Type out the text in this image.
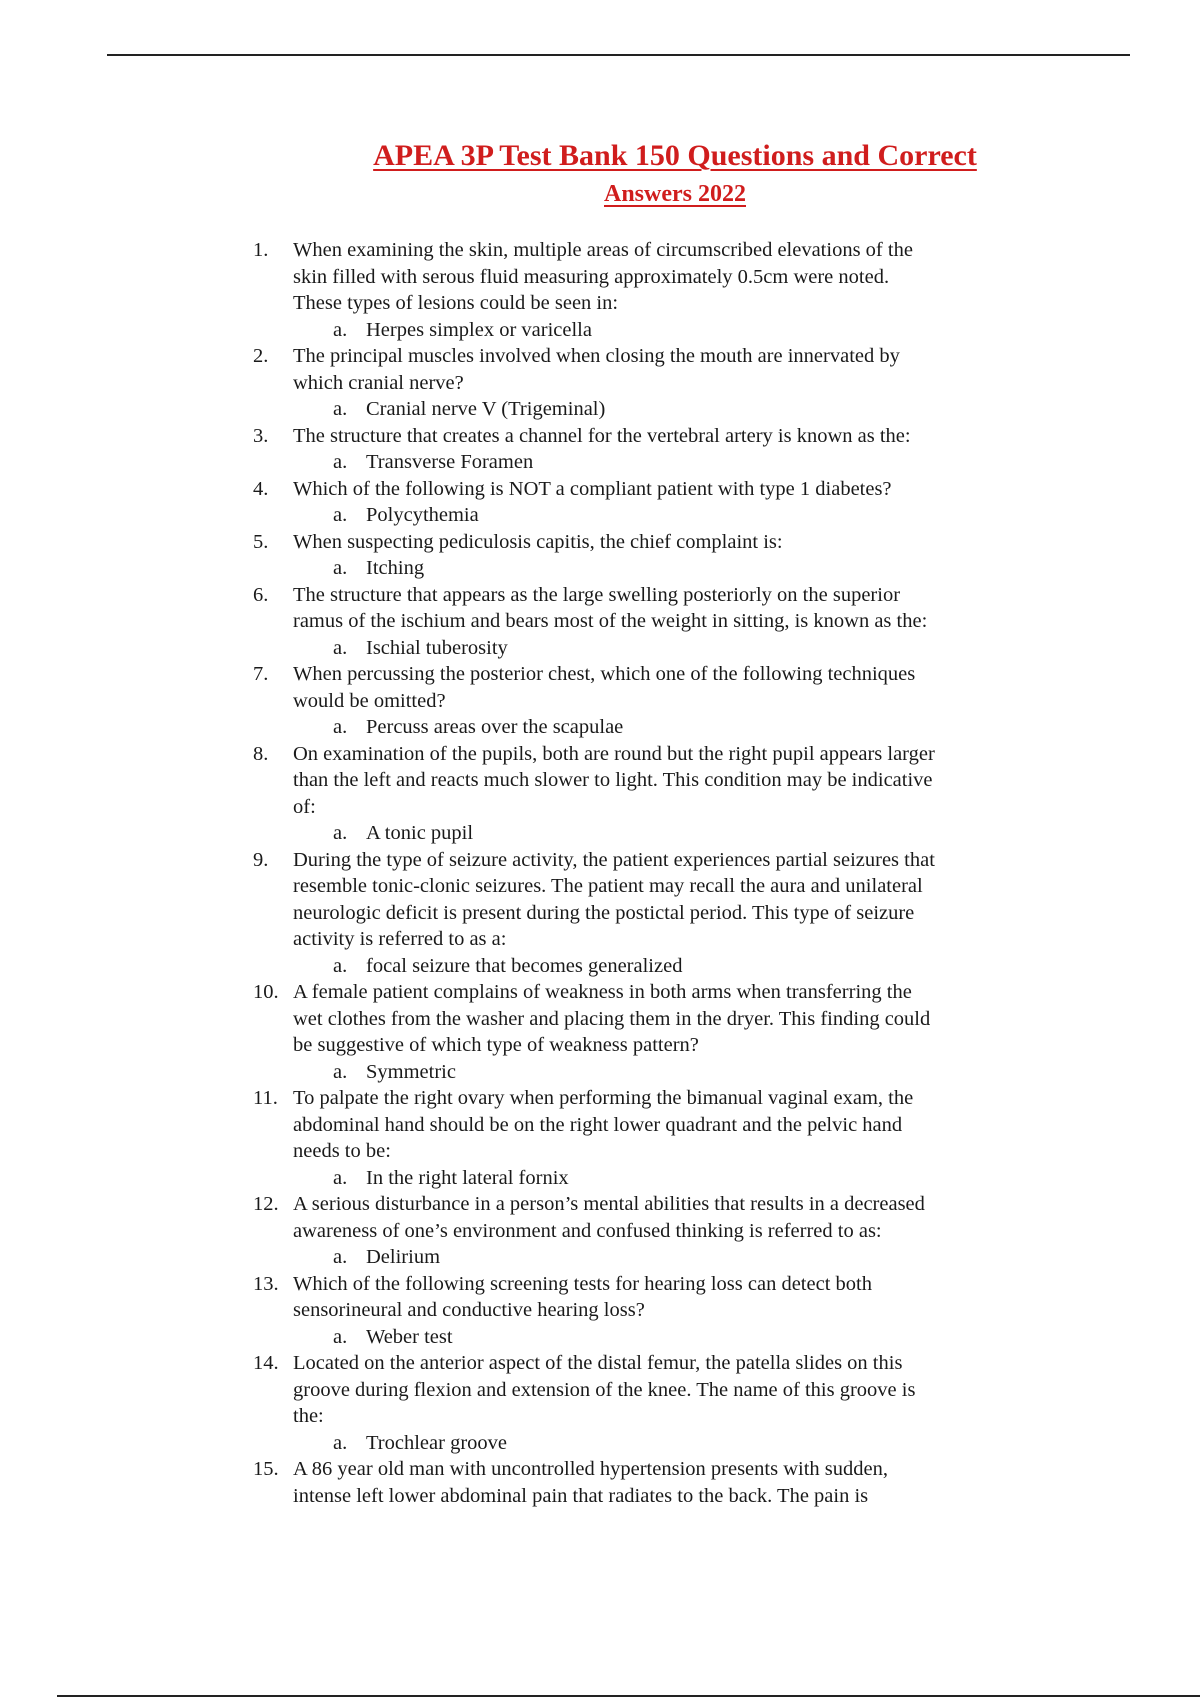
APEA 3P Test Bank 150 Questions and Correct
Answers 2022
1.	When examining the skin, multiple areas of circumscribed elevations of the
skin filled with serous fluid measuring approximately 0.5cm were noted.
These types of lesions could be seen in:
a. Herpes simplex or varicella
2.	The principal muscles involved when closing the mouth are innervated by
which cranial nerve?
a. Cranial nerve V (Trigeminal)
3.	The structure that creates a channel for the vertebral artery is known as the:
a. Transverse Foramen
4.	Which of the following is NOT a compliant patient with type 1 diabetes?
a. Polycythemia
5.	When suspecting pediculosis capitis, the chief complaint is:
a. Itching
6.	The structure that appears as the large swelling posteriorly on the superior
ramus of the ischium and bears most of the weight in sitting, is known as the:
a. Ischial tuberosity
7.	When percussing the posterior chest, which one of the following techniques
would be omitted?
a. Percuss areas over the scapulae
8.	On examination of the pupils, both are round but the right pupil appears larger
than the left and reacts much slower to light. This condition may be indicative
of:
a. A tonic pupil
9.	During the type of seizure activity, the patient experiences partial seizures that
resemble tonic-clonic seizures. The patient may recall the aura and unilateral
neurologic deficit is present during the postictal period. This type of seizure
activity is referred to as a:
a. focal seizure that becomes generalized
10. A female patient complains of weakness in both arms when transferring the
wet clothes from the washer and placing them in the dryer. This finding could
be suggestive of which type of weakness pattern?
a. Symmetric
11. To palpate the right ovary when performing the bimanual vaginal exam, the
abdominal hand should be on the right lower quadrant and the pelvic hand
needs to be:
a. In the right lateral fornix
12. A serious disturbance in a person’s mental abilities that results in a decreased
awareness of one’s environment and confused thinking is referred to as:
a. Delirium
13. Which of the following screening tests for hearing loss can detect both
sensorineural and conductive hearing loss?
a. Weber test
14. Located on the anterior aspect of the distal femur, the patella slides on this
groove during flexion and extension of the knee. The name of this groove is
the:
a. Trochlear groove
15. A 86 year old man with uncontrolled hypertension presents with sudden,
intense left lower abdominal pain that radiates to the back. The pain is
